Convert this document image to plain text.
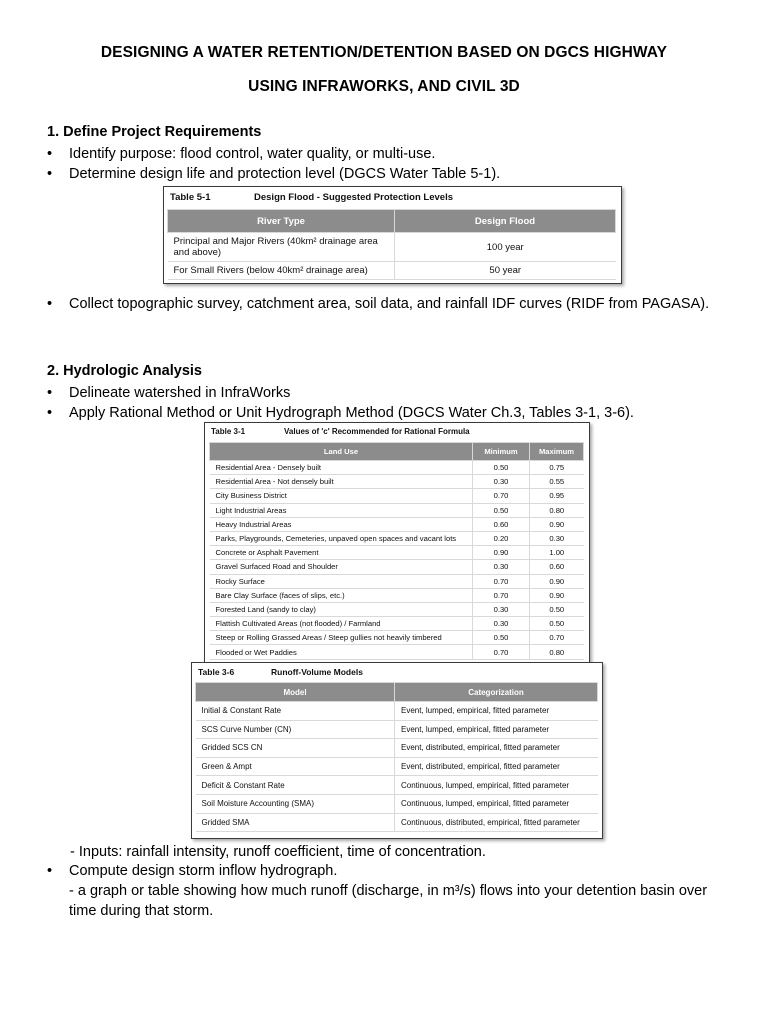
DESIGNING A WATER RETENTION/DETENTION BASED ON DGCS HIGHWAY
USING INFRAWORKS, AND CIVIL 3D
1. Define Project Requirements
• Identify purpose: flood control, water quality, or multi-use.
• Determine design life and protection level (DGCS Water Table 5-1).
Table 5-1	Design Flood - Suggested Protection Levels
River Type	Design Flood
Principal and Major Rivers (40km² drainage area and above)	100 year
For Small Rivers (below 40km² drainage area)	50 year
• Collect topographic survey, catchment area, soil data, and rainfall IDF curves (RIDF from PAGASA).
2. Hydrologic Analysis
• Delineate watershed in InfraWorks
• Apply Rational Method or Unit Hydrograph Method (DGCS Water Ch.3, Tables 3-1, 3-6).
Table 3-1	Values of 'c' Recommended for Rational Formula
Land Use	Minimum	Maximum
Residential Area - Densely built	0.50	0.75
Residential Area - Not densely built	0.30	0.55
City Business District	0.70	0.95
Light Industrial Areas	0.50	0.80
Heavy Industrial Areas	0.60	0.90
Parks, Playgrounds, Cemeteries, unpaved open spaces and vacant lots	0.20	0.30
Concrete or Asphalt Pavement	0.90	1.00
Gravel Surfaced Road and Shoulder	0.30	0.60
Rocky Surface	0.70	0.90
Bare Clay Surface (faces of slips, etc.)	0.70	0.90
Forested Land (sandy to clay)	0.30	0.50
Flattish Cultivated Areas (not flooded) / Farmland	0.30	0.50
Steep or Rolling Grassed Areas / Steep gullies not heavily timbered	0.50	0.70
Flooded or Wet Paddies	0.70	0.80
Table 3-6	Runoff-Volume Models
Model	Categorization
Initial & Constant Rate	Event, lumped, empirical, fitted parameter
SCS Curve Number (CN)	Event, lumped, empirical, fitted parameter
Gridded SCS CN	Event, distributed, empirical, fitted parameter
Green & Ampt	Event, distributed, empirical, fitted parameter
Deficit & Constant Rate	Continuous, lumped, empirical, fitted parameter
Soil Moisture Accounting (SMA)	Continuous, lumped, empirical, fitted parameter
Gridded SMA	Continuous, distributed, empirical, fitted parameter
- Inputs: rainfall intensity, runoff coefficient, time of concentration.
• Compute design storm inflow hydrograph.
- a graph or table showing how much runoff (discharge, in m³/s) flows into your detention basin over time during that storm.
